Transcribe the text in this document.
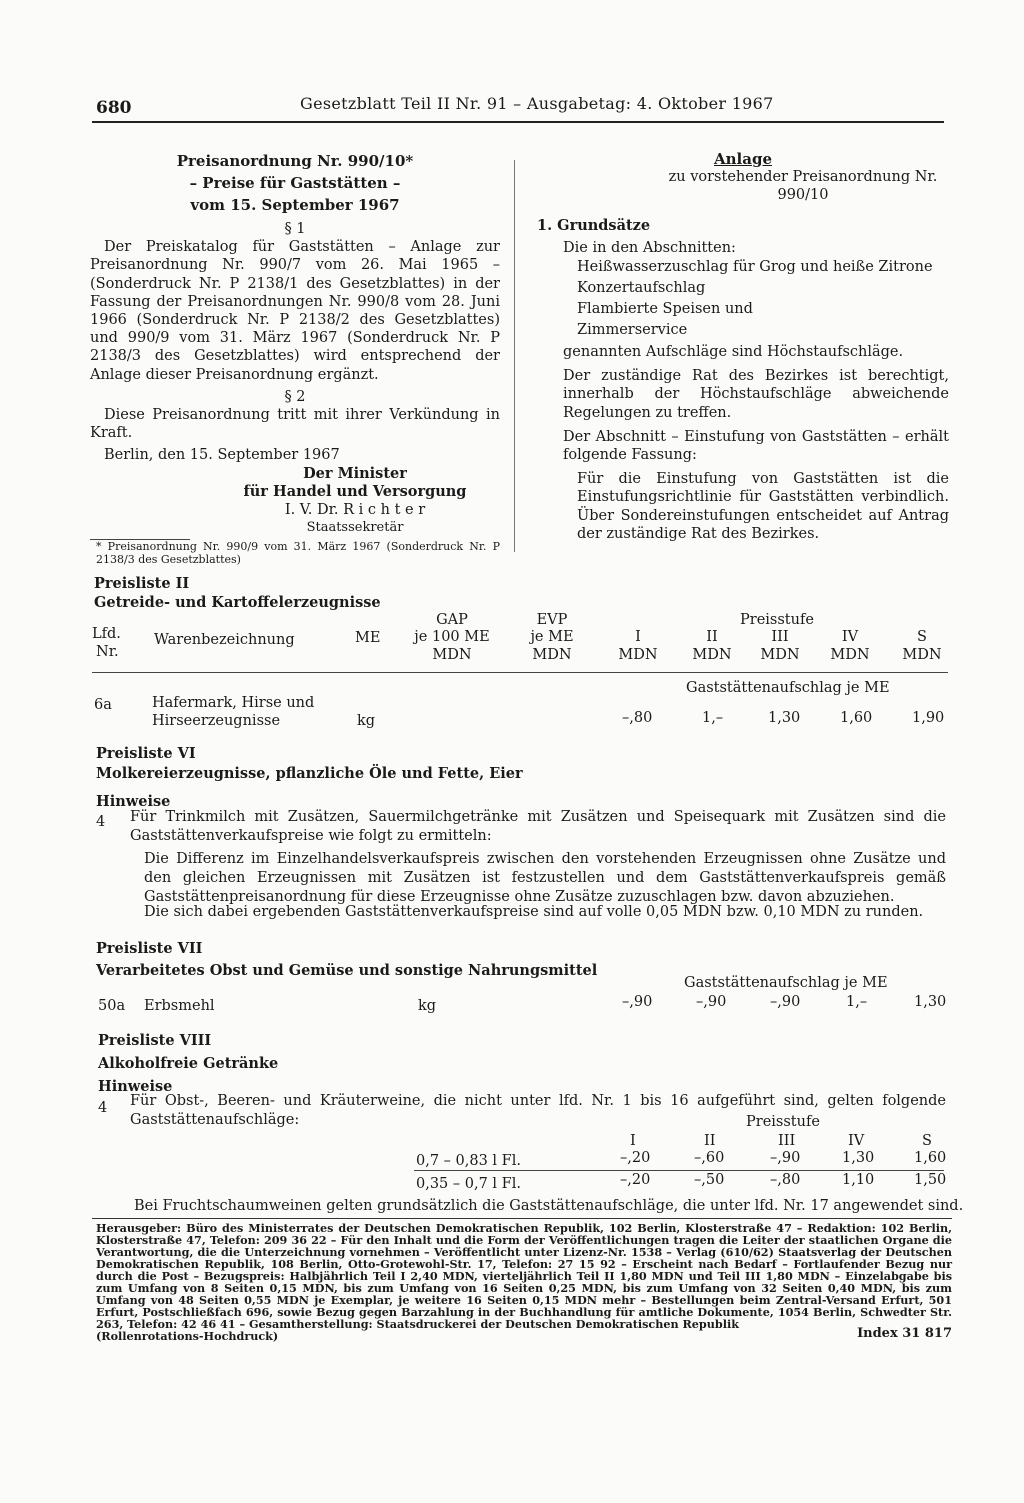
680	Gesetzblatt Teil II Nr. 91 – Ausgabetag: 4. Oktober 1967
Preisanordnung Nr. 990/10*
– Preise für Gaststätten –
vom 15. September 1967

§ 1

Der Preiskatalog für Gaststätten – Anlage zur Preisanordnung Nr. 990/7 vom 26. Mai 1965 – (Sonderdruck Nr. P 2138/1 des Gesetzblattes) in der Fassung der Preisanordnungen Nr. 990/8 vom 28. Juni 1966 (Sonderdruck Nr. P 2138/2 des Gesetzblattes) und 990/9 vom 31. März 1967 (Sonderdruck Nr. P 2138/3 des Gesetzblattes) wird entsprechend der Anlage dieser Preisanordnung ergänzt.

§ 2

Diese Preisanordnung tritt mit ihrer Verkündung in Kraft.

Berlin, den 15. September 1967

Der Minister

für Handel und Versorgung

I. V. Dr. R i c h t e r

Staatssekretär

* Preisanordnung Nr. 990/9 vom 31. März 1967 (Sonderdruck Nr. P 2138/3 des Gesetzblattes)

Anlage

zu vorstehender Preisanordnung Nr. 990/10

1. Grundsätze

Die in den Abschnitten:

Heißwasserzuschlag für Grog und heiße Zitrone

Konzertaufschlag

Flambierte Speisen und

Zimmerservice

genannten Aufschläge sind Höchstaufschläge.

Der zuständige Rat des Bezirkes ist berechtigt, innerhalb der Höchstaufschläge abweichende Regelungen zu treffen.

Der Abschnitt – Einstufung von Gaststätten – erhält folgende Fassung:

Für die Einstufung von Gaststätten ist die Einstufungsrichtlinie für Gaststätten verbindlich. Über Sondereinstufungen entscheidet auf Antrag der zuständige Rat des Bezirkes.

Preisliste II
Getreide- und Kartoffelerzeugnisse
Lfd.
Nr.
Warenbezeichnung	ME
GAP
je 100 ME
MDN
EVP
je ME
MDN
Preisstufe
I	II	III	IV	S
MDN	MDN	MDN	MDN	MDN
Gaststättenaufschlag je ME
6a	Hafermark, Hirse und
Hirseerzeugnisse	kg	–,80	1,–	1,30	1,60	1,90
Preisliste VI
Molkereierzeugnisse, pflanzliche Öle und Fette, Eier
Hinweise
4 Für Trinkmilch mit Zusätzen, Sauermilchgetränke mit Zusätzen und Speisequark mit Zusätzen sind die Gaststättenverkaufspreise wie folgt zu ermitteln:
Die Differenz im Einzelhandelsverkaufspreis zwischen den vorstehenden Erzeugnissen ohne Zusätze und den gleichen Erzeugnissen mit Zusätzen ist festzustellen und dem Gaststättenverkaufspreis gemäß Gaststättenpreisanordnung für diese Erzeugnisse ohne Zusätze zuzuschlagen bzw. davon abzuziehen.
Die sich dabei ergebenden Gaststättenverkaufspreise sind auf volle 0,05 MDN bzw. 0,10 MDN zu runden.
Preisliste VII
Verarbeitetes Obst und Gemüse und sonstige Nahrungsmittel
Gaststättenaufschlag je ME
50a Erbsmehl	kg	–,90	–,90	–,90	1,–	1,30
Preisliste VIII
Alkoholfreie Getränke
Hinweise
4 Für Obst-, Beeren- und Kräuterweine, die nicht unter lfd. Nr. 1 bis 16 aufgeführt sind, gelten folgende Gaststättenaufschläge:	Preisstufe
I	II	III	IV	S
0,7 – 0,83 l Fl.	–,20	–,60	–,90	1,30	1,60
0,35 – 0,7 l Fl.	–,20	–,50	–,80	1,10	1,50
Bei Fruchtschaumweinen gelten grundsätzlich die Gaststättenaufschläge, die unter lfd. Nr. 17 angewendet sind.
Herausgeber: Büro des Ministerrates der Deutschen Demokratischen Republik, 102 Berlin, Klosterstraße 47 – Redaktion: 102 Berlin, Klosterstraße 47, Telefon: 209 36 22 – Für den Inhalt und die Form der Veröffentlichungen tragen die Leiter der staatlichen Organe die Verantwortung, die die Unterzeichnung vornehmen – Veröffentlicht unter Lizenz-Nr. 1538 – Verlag (610/62) Staatsverlag der Deutschen Demokratischen Republik, 108 Berlin, Otto-Grotewohl-Str. 17, Telefon: 27 15 92 – Erscheint nach Bedarf – Fortlaufender Bezug nur durch die Post – Bezugspreis: Halbjährlich Teil I 2,40 MDN, vierteljährlich Teil II 1,80 MDN und Teil III 1,80 MDN – Einzelabgabe bis zum Umfang von 8 Seiten 0,15 MDN, bis zum Umfang von 16 Seiten 0,25 MDN, bis zum Umfang von 32 Seiten 0,40 MDN, bis zum Umfang von 48 Seiten 0,55 MDN je Exemplar, je weitere 16 Seiten 0,15 MDN mehr – Bestellungen beim Zentral-Versand Erfurt, 501 Erfurt, Postschließfach 696, sowie Bezug gegen Barzahlung in der Buchhandlung für amtliche Dokumente, 1054 Berlin, Schwedter Str. 263, Telefon: 42 46 41 – Gesamtherstellung: Staatsdruckerei der Deutschen Demokratischen Republik
(Rollenrotations-Hochdruck)	Index 31 817
